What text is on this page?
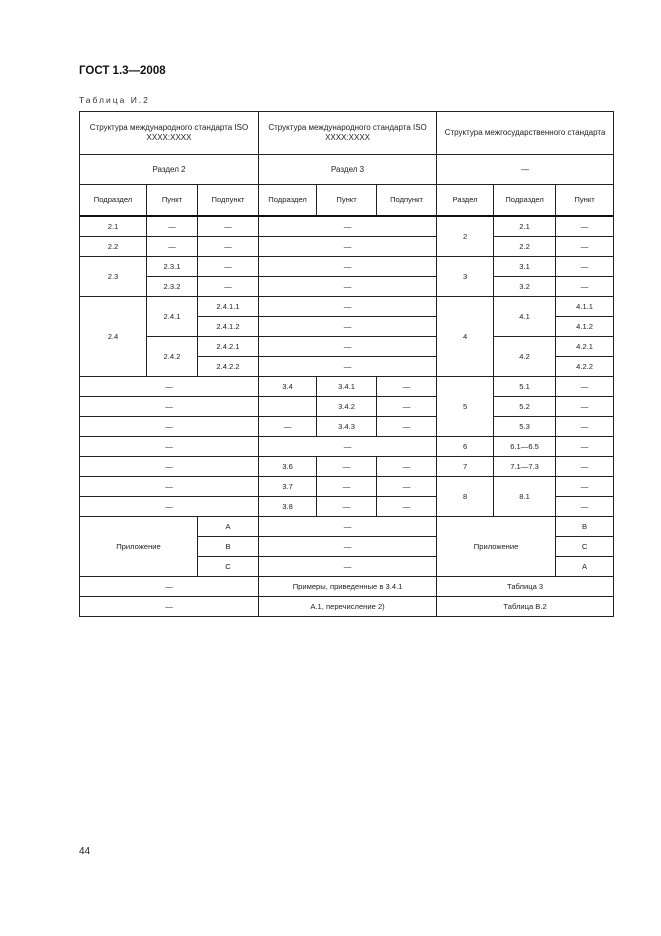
ГОСТ 1.3—2008
Таблица И.2
Структура международного стандарта ISO XXXX:XXXX			Структура международного стандарта ISO XXXX:XXXX			Структура межгосударственного стандарта		
Раздел 2			Раздел 3			—		
Подраздел	Пункт	Подпункт	Подраздел	Пункт	Подпункт	Раздел	Подраздел	Пункт
2.1	—	—	—			2	2.1	—
2.2	—	—	—				2.2	—
2.3	2.3.1	—	—			3	3.1	—
	2.3.2	—	—				3.2	—
2.4	2.4.1	2.4.1.1	—			4	4.1	4.1.1
		2.4.1.2	—					4.1.2
	2.4.2	2.4.2.1	—				4.2	4.2.1
		2.4.2.2	—					4.2.2
—			3.4	3.4.1	—	5	5.1	—
—				3.4.2	—		5.2	—
—			—	3.4.3	—		5.3	—
—			—			6	6.1—6.5	—
—			3.6	—	—	7	7.1—7.3	—
—			3.7	—	—	8	8.1	—
—			3.8	—	—			—
Приложение		A	—			Приложение		B
		B	—					C
		C	—					A
—			Примеры, приведенные в 3.4.1			Таблица 3		
—			А.1, перечисление 2)			Таблица В.2		
44
